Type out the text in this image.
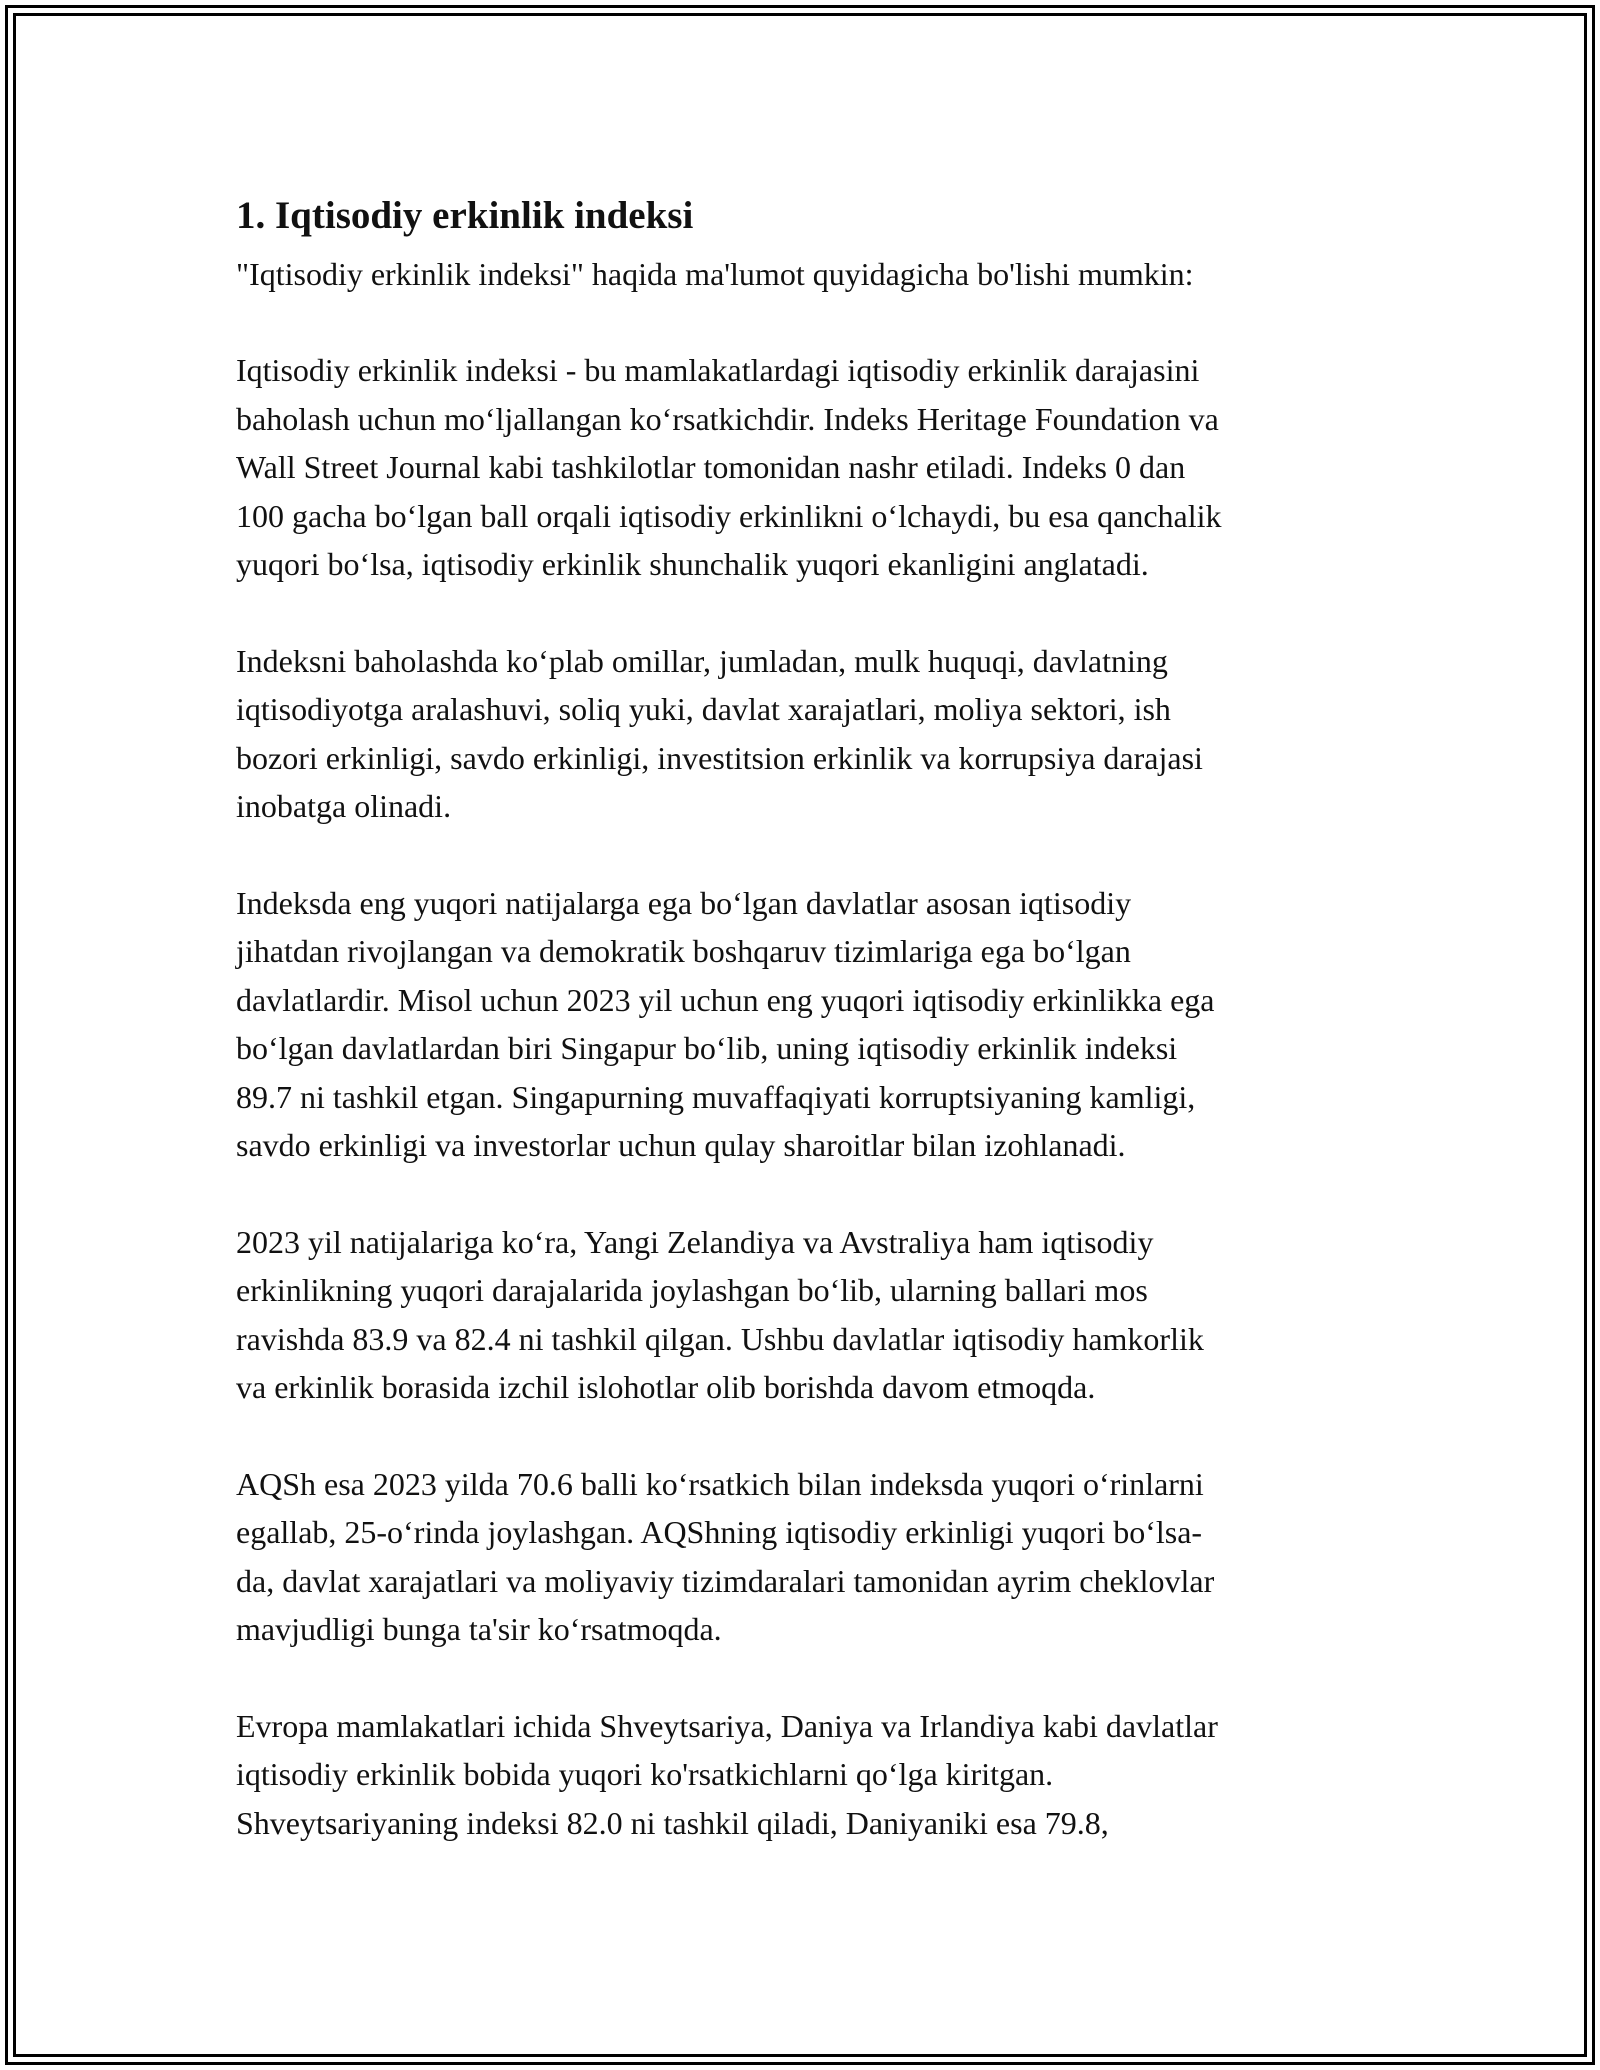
1. Iqtisodiy erkinlik indeksi

"Iqtisodiy erkinlik indeksi" haqida ma'lumot quyidagicha bo'lishi mumkin:

Iqtisodiy erkinlik indeksi - bu mamlakatlardagi iqtisodiy erkinlik darajasini
baholash uchun moʻljallangan koʻrsatkichdir. Indeks Heritage Foundation va
Wall Street Journal kabi tashkilotlar tomonidan nashr etiladi. Indeks 0 dan
100 gacha boʻlgan ball orqali iqtisodiy erkinlikni oʻlchaydi, bu esa qanchalik
yuqori boʻlsa, iqtisodiy erkinlik shunchalik yuqori ekanligini anglatadi.

Indeksni baholashda koʻplab omillar, jumladan, mulk huquqi, davlatning
iqtisodiyotga aralashuvi, soliq yuki, davlat xarajatlari, moliya sektori, ish
bozori erkinligi, savdo erkinligi, investitsion erkinlik va korrupsiya darajasi
inobatga olinadi.

Indeksda eng yuqori natijalarga ega boʻlgan davlatlar asosan iqtisodiy
jihatdan rivojlangan va demokratik boshqaruv tizimlariga ega boʻlgan
davlatlardir. Misol uchun 2023 yil uchun eng yuqori iqtisodiy erkinlikka ega
boʻlgan davlatlardan biri Singapur boʻlib, uning iqtisodiy erkinlik indeksi
89.7 ni tashkil etgan. Singapurning muvaffaqiyati korruptsiyaning kamligi,
savdo erkinligi va investorlar uchun qulay sharoitlar bilan izohlanadi.

2023 yil natijalariga koʻra, Yangi Zelandiya va Avstraliya ham iqtisodiy
erkinlikning yuqori darajalarida joylashgan boʻlib, ularning ballari mos
ravishda 83.9 va 82.4 ni tashkil qilgan. Ushbu davlatlar iqtisodiy hamkorlik
va erkinlik borasida izchil islohotlar olib borishda davom etmoqda.

AQSh esa 2023 yilda 70.6 balli koʻrsatkich bilan indeksda yuqori oʻrinlarni
egallab, 25-oʻrinda joylashgan. AQShning iqtisodiy erkinligi yuqori boʻlsa-
da, davlat xarajatlari va moliyaviy tizimdaralari tamonidan ayrim cheklovlar
mavjudligi bunga ta'sir koʻrsatmoqda.

Evropa mamlakatlari ichida Shveytsariya, Daniya va Irlandiya kabi davlatlar
iqtisodiy erkinlik bobida yuqori ko'rsatkichlarni qoʻlga kiritgan.
Shveytsariyaning indeksi 82.0 ni tashkil qiladi, Daniyaniki esa 79.8,
